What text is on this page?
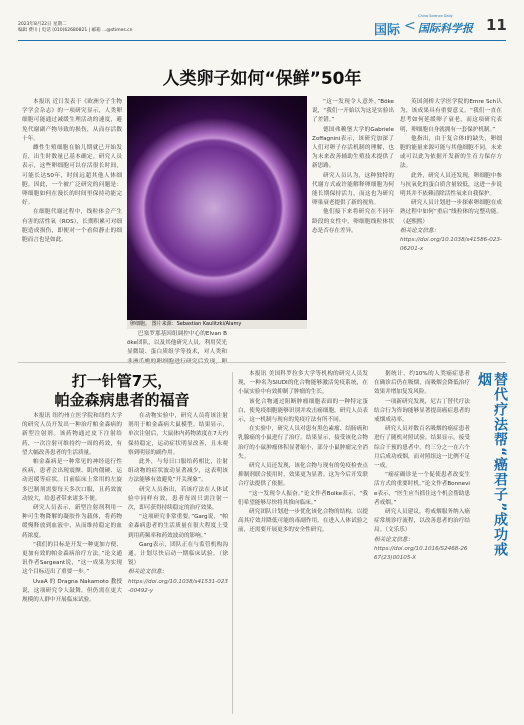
2023年8月22日 星期二
编辑 费川 | 电话 (010)62680821 | 邮箱 ...@stimes.cn	国际 < 国际科学报
China Science Daily 11
人类卵子如何“保鲜”50年

本报讯 近日发表于《欧洲分子生物学学会杂志》的一项研究显示，人类卵细胞可能通过减缓生理活动的速度，避免代谢副产物导致的损伤，从而存活数十年。

雌性生殖细胞在胎儿期就已开始发育，出生时数量已基本确定。研究人员表示，这些卵细胞可以存活很长时间，可能长达50年，时间远超其他人体细胞。因此，一个被广泛研究的问题是：卵细胞如何在漫长的时间里保持功能完好。

在细胞代谢过程中，线粒体会产生有害的活性氧（ROS），长期积累可对细胞造成损伤，即便对一个看似静止的细胞而言也是如此。

卵细胞。 图片来源：Sebastian Kaulitzki/Alamy

巴塞罗那基因组调控中心的Elvan Böke团队，以及其他研究人员，利用荧光显微镜、蛋白质组学等技术，对人类和

“这一发现令人意外，”Böke说，“我们一开始以为这是实验出了差错。”

德国弗赖堡大学的Gabriele Zoffagnini表示，该研究加深了人们对卵子存活机制的理解，也为未来改善辅助生殖技术提供了新思路。

研究人员认为，这种独特的代谢方式或许能解释卵细胞为何能长期保持活力，而这也为研究卵巢衰老提供了新的视角。

他们接下来将研究在不同年龄段的女性中，卵细胞线粒体状态是否存在差异。

英国剑桥大学医学院的Emre Sch认为，该成果具有重要意义。“我们一直在思考如何延缓卵子衰老，而这项研究表明，卵细胞自身就拥有一套保护机制。”

他指出，由于复合体I的缺失，卵细胞的能量来源可能与其他细胞不同，未来或可以此为依据开发新的生育力保存方法。

此外，研究人员还发现，卵细胞中参与抗氧化的蛋白质含量较低，这进一步说明其并不依赖清除活性氧来自我保护。

研究人员计划进一步探索卵细胞在成熟过程中如何“重启”线粒体的完整功能。（赵熙熙）

相关论文信息：

https://doi.org/10.1038/s41586-023-06201-x

打一针管7天，
帕金森病患者的福音

本报讯 纽约州立医学院和纽约大学的研究人员开发出一种治疗帕金森病的新型注射剂。该药物通过皮下注射给药，一次注射可维持约一周的药效，有望大幅改善患者的生活质量。

帕金森病是一种常见的神经退行性疾病，患者会出现震颤、肌肉僵硬、运动迟缓等症状。目前临床上常用的左旋多巴制剂需要每天多次口服，且药效波动较大，给患者带来诸多不便。

研究人员表示，新型注射剂利用一种可生物降解的凝胶作为载体，将药物缓慢释放到血液中，从而维持稳定的血药浓度。

“我们的目标是开发一种更加方便、更加有效的帕金森病治疗方法。”论文通讯作者Sargeant说，“这一成果为实现这个目标迈出了重要一步。”

UvaA 的 Dragna Nakamoto 教授说，这项研究令人鼓舞，但仍需在更大规模的人群中开展临床试验。

在动物实验中，研究人员将该注射剂用于帕金森病大鼠模型。结果显示，单次注射后，大鼠体内药物浓度在7天内保持稳定，运动症状明显改善，且未观察到明显的副作用。

此外，与每日口服给药相比，注射组动物的症状波动显著减少，这表明该方法能够有效避免“开关现象”。

研究人员指出，若该疗法在人体试验中同样有效，患者每周只需注射一次，即可获得持续稳定的治疗效果。

“这项研究非常重要。”Garg说，“帕金森病患者的生活质量在很大程度上受到用药频率和药效波动的影响。”

Garg表示，团队正在与监管机构沟通，计划尽快启动一期临床试验。（徐锐）

相关论文信息：

https://doi.org/10.1038/s41531-023-00492-y

本报讯 美国科罗拉多大学等机构的研究人员发现，一种名为SIUDI的化合物能够激活免疫系统，在小鼠实验中有效抑制了肿瘤的生长。

该化合物通过阻断肿瘤细胞表面的一种特定蛋白，使免疫细胞能够识别并攻击癌细胞。研究人员表示，这一机制与现有的免疫疗法有所不同。

在实验中，研究人员对患有黑色素瘤、结肠癌和乳腺癌的小鼠进行了治疗。结果显示，接受该化合物治疗的小鼠肿瘤体积显著缩小，部分小鼠肿瘤完全消失。

研究人员还发现，该化合物与现有的免疫检查点抑制剂联合使用时，效果更为显著。这为今后开发联合疗法提供了依据。

“这一发现令人振奋。”论文作者Bolke表示，“我们希望能够尽快将其推向临床。”

研究团队计划进一步优化该化合物的结构，以提高其疗效并降低可能的毒副作用。在进入人体试验之前，还需要开展更多的安全性研究。

据统计，约10%的人类癌症患者在确诊后仍在吸烟，而吸烟会降低治疗效果并增加复发风险。

一项新研究发现，尼古丁替代疗法结合行为咨询能够显著提高癌症患者的戒烟成功率。

研究人员对数百名吸烟的癌症患者进行了随机对照试验。结果显示，接受综合干预的患者中，约三分之一在六个月后成功戒烟，而对照组这一比例不足一成。

“癌症确诊是一个促使患者改变生活方式的重要时机。”论文作者Bonnevie表示，“医生应当抓住这个机会帮助患者戒烟。”

研究人员建议，将戒烟服务纳入癌症常规诊疗流程，以改善患者的治疗结局。（文乐乐）

相关论文信息：

https://doi.org/10.1016/S2468-2667(23)00105-X

替代疗法帮“癌君子”成功戒烟
